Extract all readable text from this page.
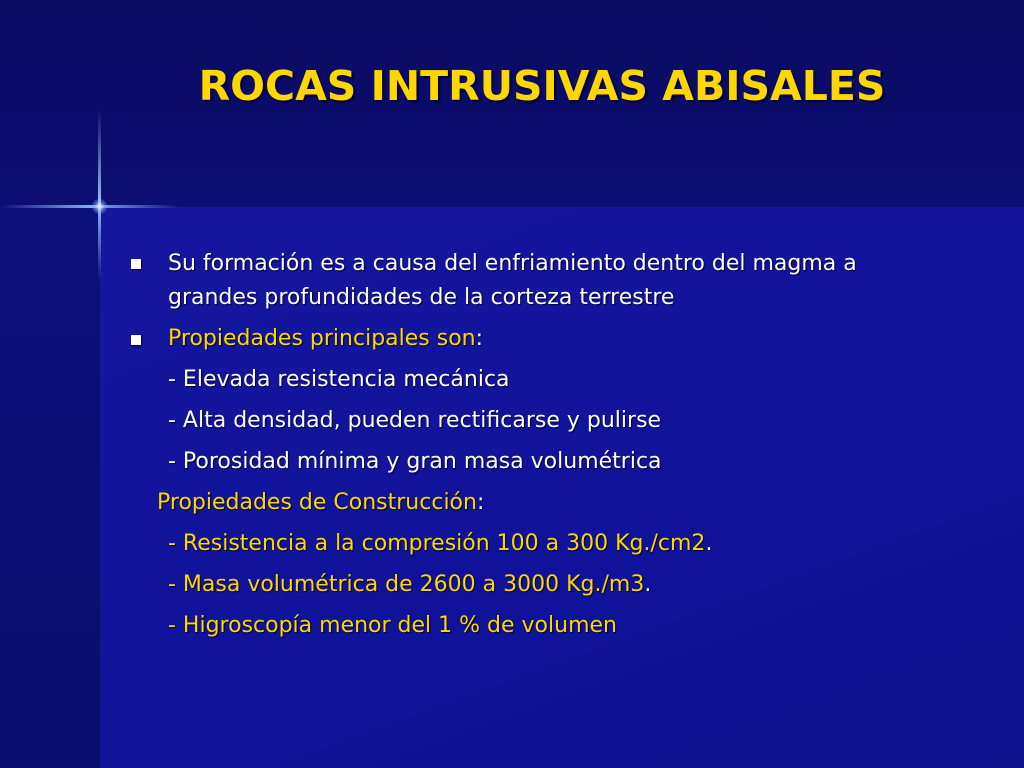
ROCAS INTRUSIVAS ABISALES
Su formación es a causa del enfriamiento dentro del magma a
grandes profundidades de la corteza terrestre
Propiedades principales son:
- Elevada resistencia mecánica
- Alta densidad, pueden rectificarse y pulirse
- Porosidad mínima y gran masa volumétrica
Propiedades de Construcción:
- Resistencia a la compresión 100 a 300 Kg./cm2.
- Masa volumétrica de 2600 a 3000 Kg./m3.
- Higroscopía menor del 1 % de volumen
